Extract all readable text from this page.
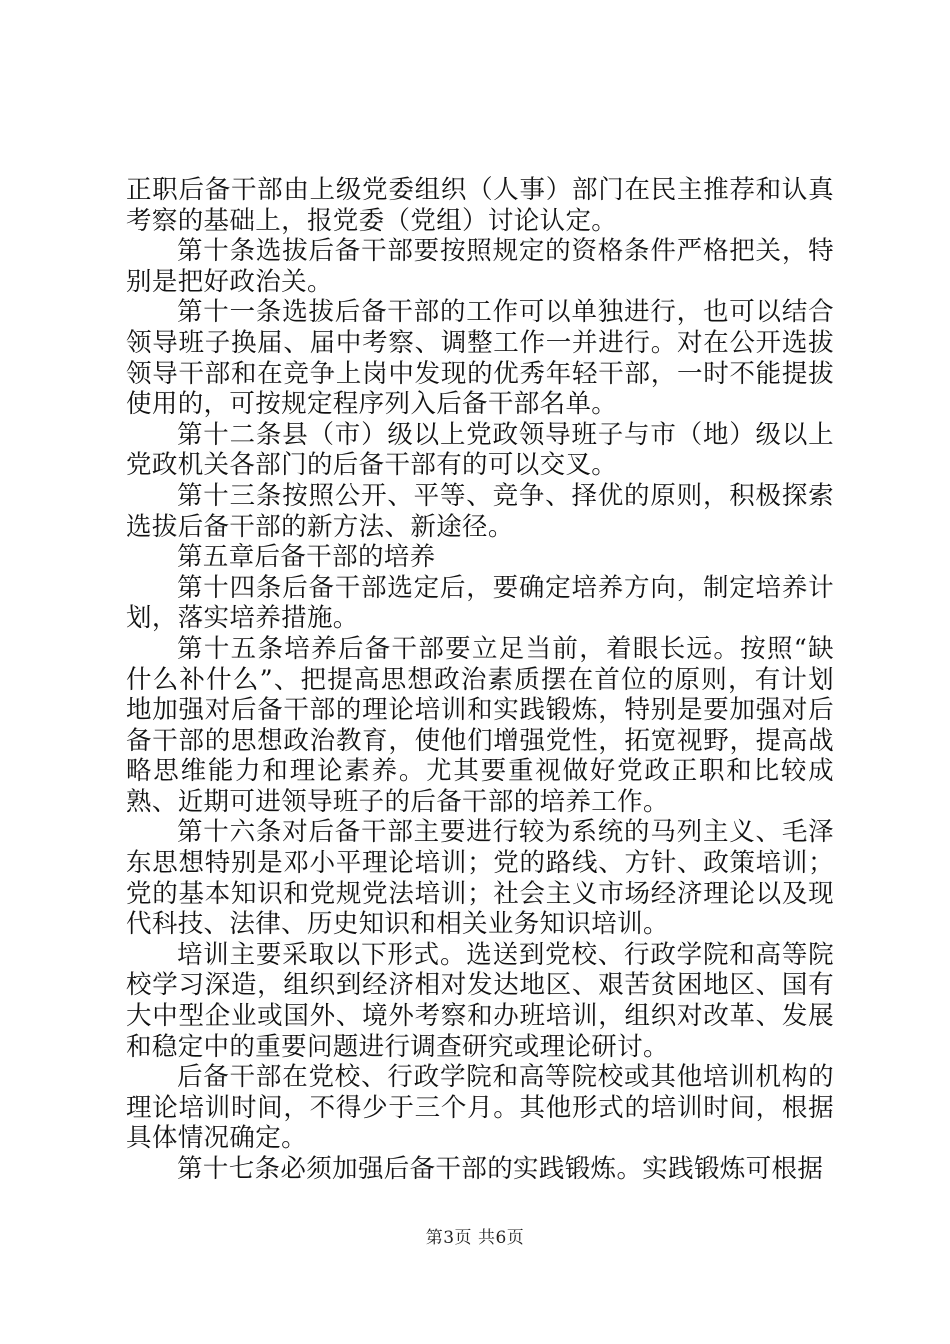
正职后备干部由上级党委组织（人事）部门在民主推荐和认真考察的基础上，报党委（党组）讨论认定。

第十条选拔后备干部要按照规定的资格条件严格把关，特别是把好政治关。

第十一条选拔后备干部的工作可以单独进行，也可以结合领导班子换届、届中考察、调整工作一并进行。对在公开选拔领导干部和在竞争上岗中发现的优秀年轻干部，一时不能提拔使用的，可按规定程序列入后备干部名单。

第十二条县（市）级以上党政领导班子与市（地）级以上党政机关各部门的后备干部有的可以交叉。

第十三条按照公开、平等、竞争、择优的原则，积极探索选拔后备干部的新方法、新途径。

第五章后备干部的培养

第十四条后备干部选定后，要确定培养方向，制定培养计划，落实培养措施。

第十五条培养后备干部要立足当前，着眼长远。按照“缺什么补什么”、把提高思想政治素质摆在首位的原则，有计划地加强对后备干部的理论培训和实践锻炼，特别是要加强对后备干部的思想政治教育，使他们增强党性，拓宽视野，提高战略思维能力和理论素养。尤其要重视做好党政正职和比较成熟、近期可进领导班子的后备干部的培养工作。

第十六条对后备干部主要进行较为系统的马列主义、毛泽东思想特别是邓小平理论培训；党的路线、方针、政策培训；党的基本知识和党规党法培训；社会主义市场经济理论以及现代科技、法律、历史知识和相关业务知识培训。

培训主要采取以下形式。选送到党校、行政学院和高等院校学习深造，组织到经济相对发达地区、艰苦贫困地区、国有大中型企业或国外、境外考察和办班培训，组织对改革、发展和稳定中的重要问题进行调查研究或理论研讨。

后备干部在党校、行政学院和高等院校或其他培训机构的理论培训时间，不得少于三个月。其他形式的培训时间，根据具体情况确定。

第十七条必须加强后备干部的实践锻炼。实践锻炼可根据

第3页 共6页
